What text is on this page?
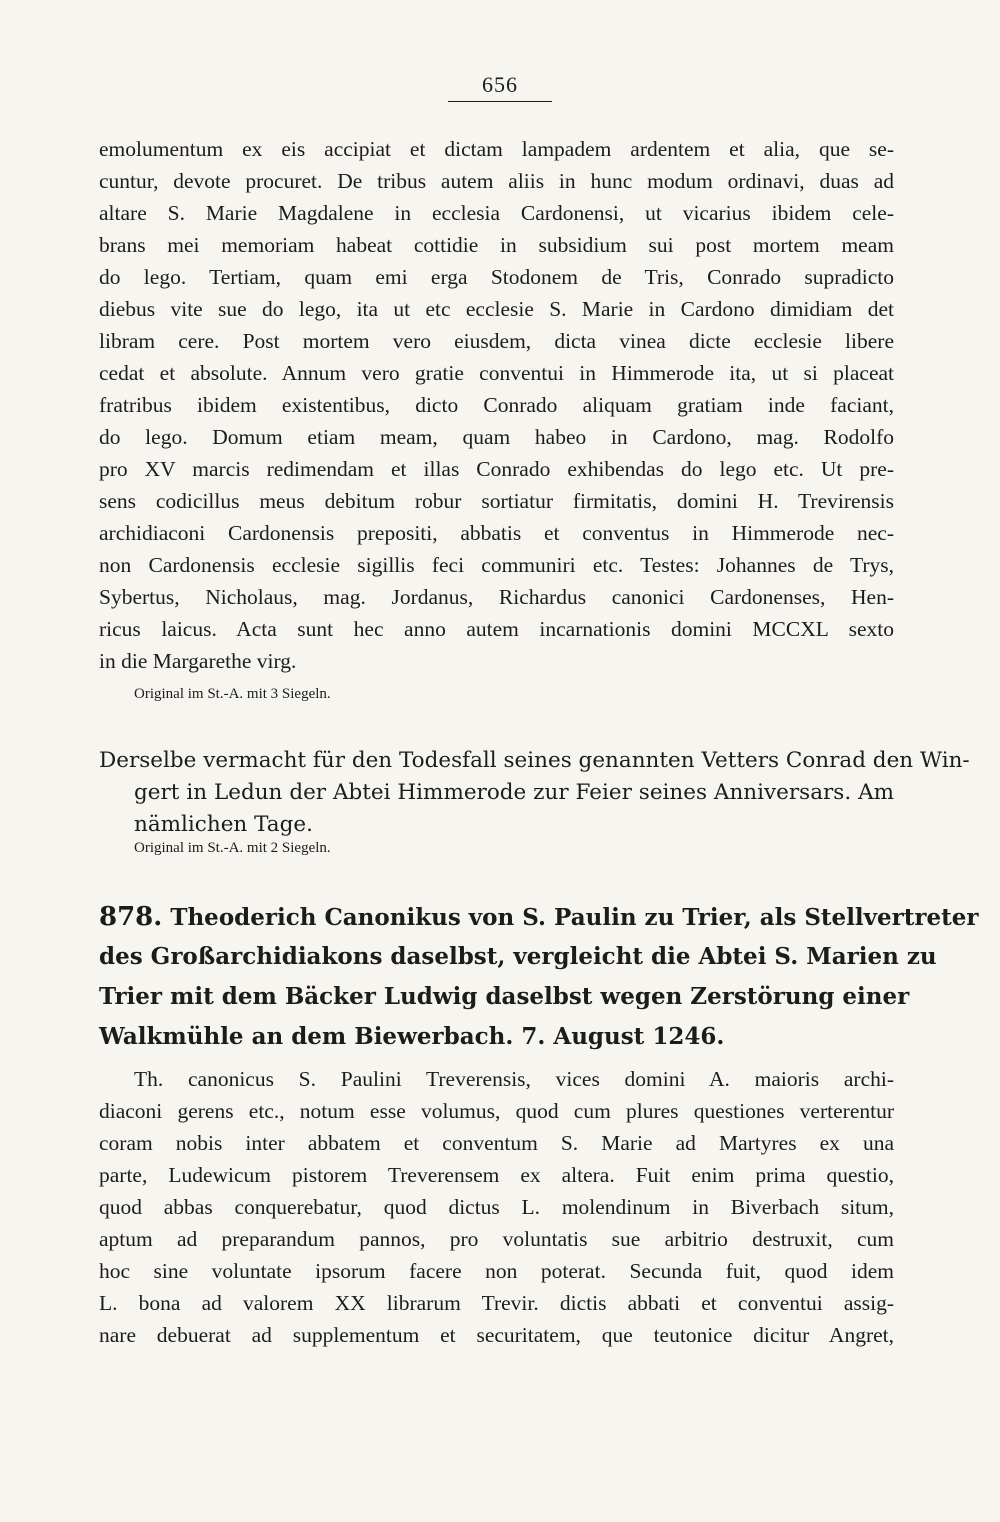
656
emolumentum ex eis accipiat et dictam lampadem ardentem et alia, que se-
cuntur, devote procuret. De tribus autem aliis in hunc modum ordinavi, duas ad
altare S. Marie Magdalene in ecclesia Cardonensi, ut vicarius ibidem cele-
brans mei memoriam habeat cottidie in subsidium sui post mortem meam
do lego. Tertiam, quam emi erga Stodonem de Tris, Conrado supradicto
diebus vite sue do lego, ita ut etc ecclesie S. Marie in Cardono dimidiam det
libram cere. Post mortem vero eiusdem, dicta vinea dicte ecclesie libere
cedat et absolute. Annum vero gratie conventui in Himmerode ita, ut si placeat
fratribus ibidem existentibus, dicto Conrado aliquam gratiam inde faciant,
do lego. Domum etiam meam, quam habeo in Cardono, mag. Rodolfo
pro XV marcis redimendam et illas Conrado exhibendas do lego etc. Ut pre-
sens codicillus meus debitum robur sortiatur firmitatis, domini H. Trevirensis
archidiaconi Cardonensis prepositi, abbatis et conventus in Himmerode nec-
non Cardonensis ecclesie sigillis feci communiri etc. Testes: Johannes de Trys,
Sybertus, Nicholaus, mag. Jordanus, Richardus canonici Cardonenses, Hen-
ricus laicus. Acta sunt hec anno autem incarnationis domini MCCXL sexto
in die Margarethe virg.
Original im St.-A. mit 3 Siegeln.
Derselbe vermacht für den Todesfall seines genannten Vetters Conrad den Win-
gert in Ledun der Abtei Himmerode zur Feier seines Anniversars. Am
nämlichen Tage.
Original im St.-A. mit 2 Siegeln.
878. Theoderich Canonikus von S. Paulin zu Trier, als Stellvertreter
des Großarchidiakons daselbst, vergleicht die Abtei S. Marien zu
Trier mit dem Bäcker Ludwig daselbst wegen Zerstörung einer
Walkmühle an dem Biewerbach. 7. August 1246.
Th. canonicus S. Paulini Treverensis, vices domini A. maioris archi-
diaconi gerens etc., notum esse volumus, quod cum plures questiones verterentur
coram nobis inter abbatem et conventum S. Marie ad Martyres ex una
parte, Ludewicum pistorem Treverensem ex altera. Fuit enim prima questio,
quod abbas conquerebatur, quod dictus L. molendinum in Biverbach situm,
aptum ad preparandum pannos, pro voluntatis sue arbitrio destruxit, cum
hoc sine voluntate ipsorum facere non poterat. Secunda fuit, quod idem
L. bona ad valorem XX librarum Trevir. dictis abbati et conventui assig-
nare debuerat ad supplementum et securitatem, que teutonice dicitur Angret,
